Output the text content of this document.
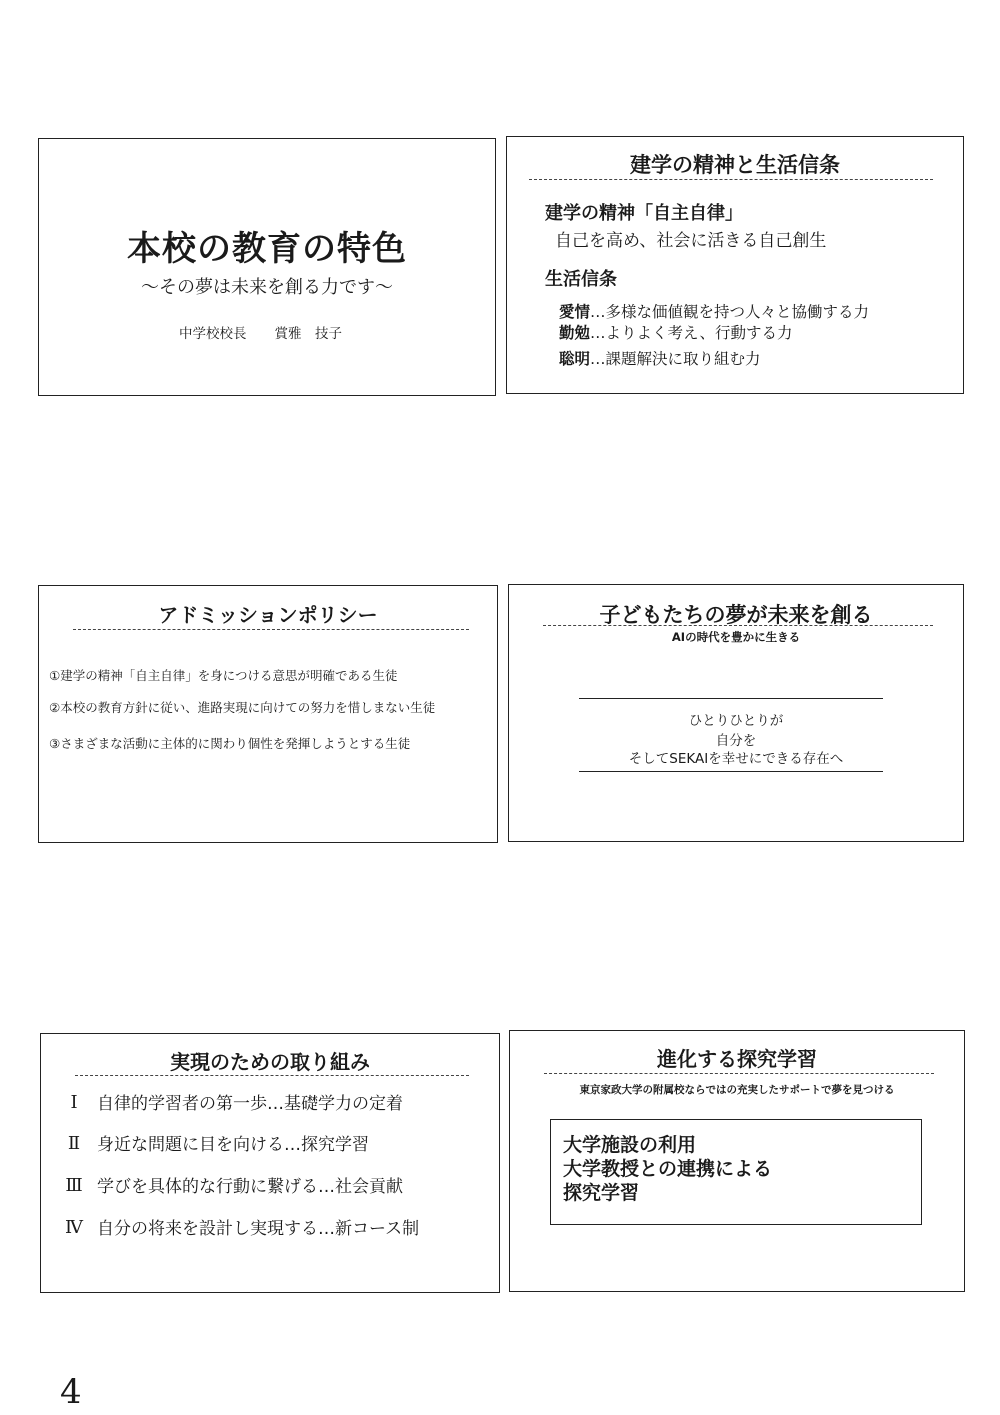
本校の教育の特色
～その夢は未来を創る力です～
中学校校長 賞雅　技子
建学の精神と生活信条
建学の精神「自主自律」
自己を高め、社会に活きる自己創生
生活信条
愛情…多様な価値観を持つ人々と協働する力
勤勉…よりよく考え、行動する力
聡明…課題解決に取り組む力
アドミッションポリシー
①建学の精神「自主自律」を身につける意思が明確である生徒
②本校の教育方針に従い、進路実現に向けての努力を惜しまない生徒
③さまざまな活動に主体的に関わり個性を発揮しようとする生徒
子どもたちの夢が未来を創る
AIの時代を豊かに生きる
ひとりひとりが
自分を
そしてSEKAIを幸せにできる存在へ
実現のための取り組み
Ⅰ	自律的学習者の第一歩…基礎学力の定着
Ⅱ 身近な問題に目を向ける…探究学習
Ⅲ 学びを具体的な行動に繋げる…社会貢献
Ⅳ 自分の将来を設計し実現する…新コース制
進化する探究学習
東京家政大学の附属校ならではの充実したサポートで夢を見つける
大学施設の利用
大学教授との連携による
探究学習
4
